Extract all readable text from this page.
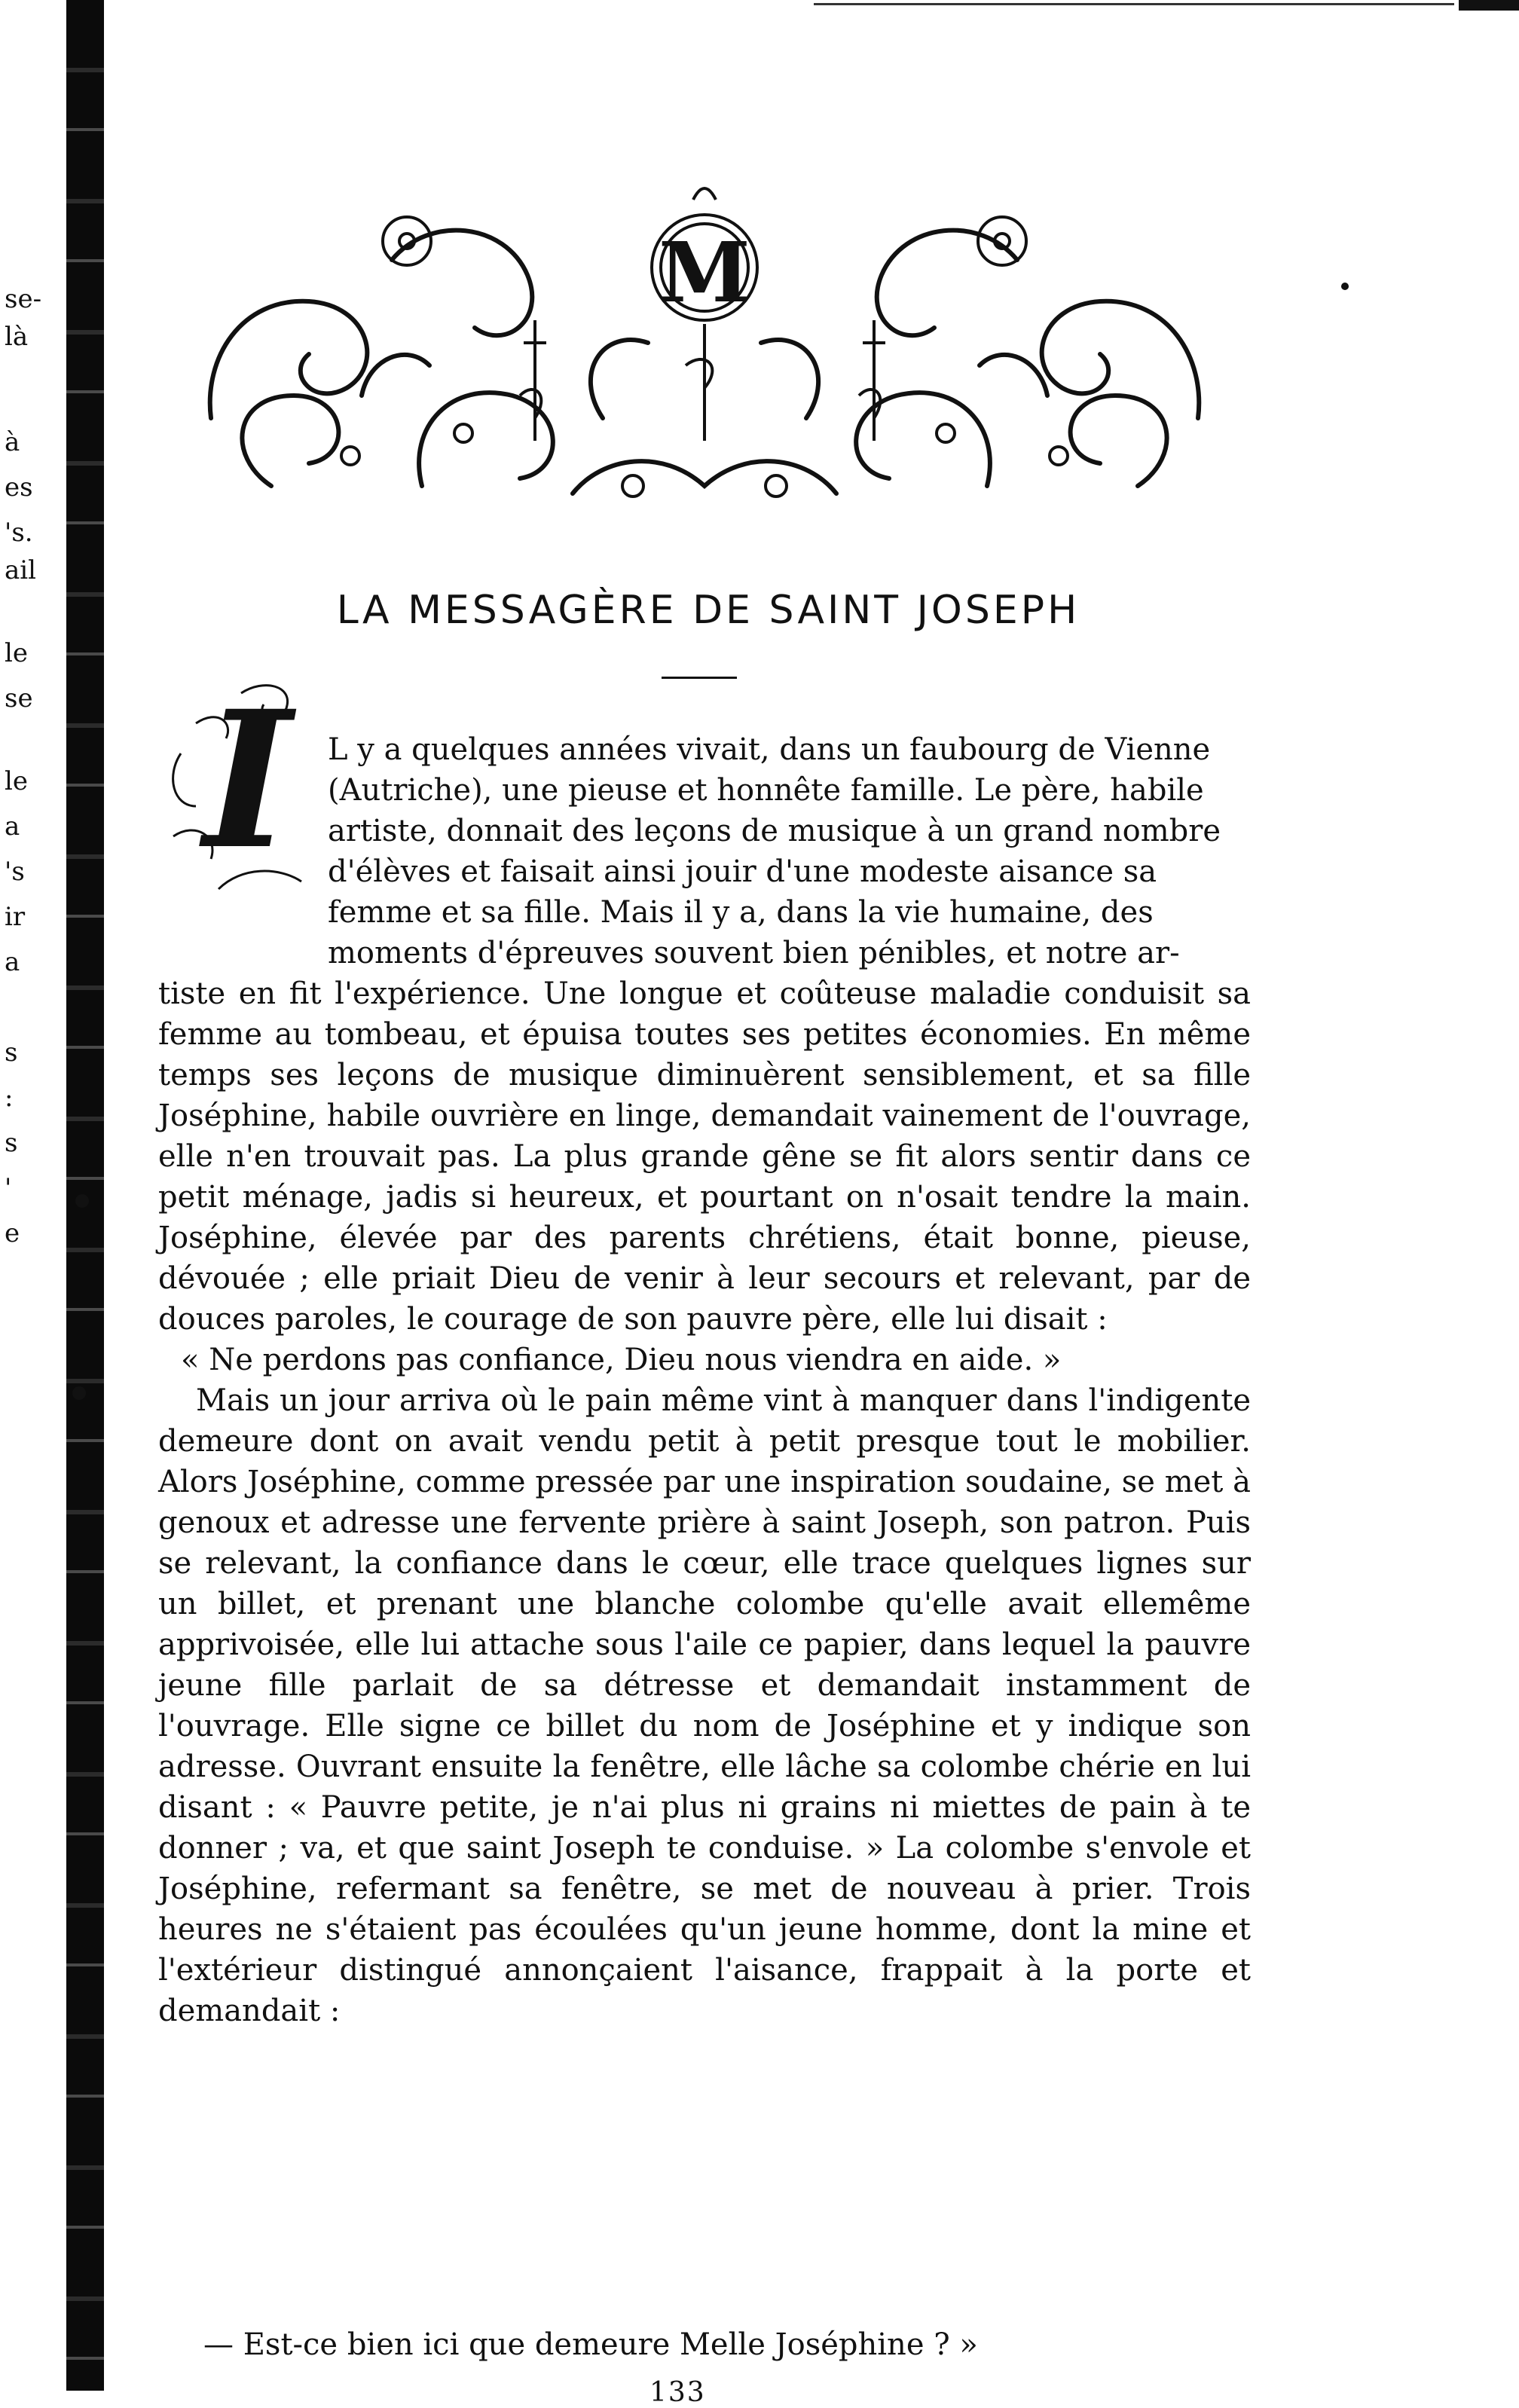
se-
là
à
es
's.
ail
le
se
le
a
's
ir
a
s
:
s
'
e
M
LA MESSAGÈRE DE SAINT JOSEPH
I	L y a quelques années vivait, dans un faubourg de Vienne
(Autriche), une pieuse et honnête famille. Le père, habile
artiste, donnait des leçons de musique à un grand nombre
d'élèves et faisait ainsi jouir d'une modeste aisance sa
femme et sa fille. Mais il y a, dans la vie humaine, des
moments d'épreuves souvent bien pénibles, et notre ar-
tiste en fit l'expérience. Une longue et coûteuse maladie conduisit sa femme au tombeau, et épuisa toutes ses petites économies. En même temps ses leçons de musique diminuèrent sensiblement, et sa fille Joséphine, habile ouvrière en linge, demandait vainement de l'ouvrage, elle n'en trouvait pas. La plus grande gêne se fit alors sentir dans ce petit ménage, jadis si heureux, et pourtant on n'osait tendre la main. Joséphine, élevée par des parents chrétiens, était bonne, pieuse, dévouée ; elle priait Dieu de venir à leur secours et relevant, par de douces paroles, le courage de son pauvre père, elle lui disait :
« Ne perdons pas confiance, Dieu nous viendra en aide. »
Mais un jour arriva où le pain même vint à manquer dans l'indigente demeure dont on avait vendu petit à petit presque tout le mobilier. Alors Joséphine, comme pressée par une inspiration soudaine, se met à genoux et adresse une fervente prière à saint Joseph, son patron. Puis se relevant, la confiance dans le cœur, elle trace quelques lignes sur un billet, et prenant une blanche colombe qu'elle avait ellemême apprivoisée, elle lui attache sous l'aile ce papier, dans lequel la pauvre jeune fille parlait de sa détresse et demandait instamment de l'ouvrage. Elle signe ce billet du nom de Joséphine et y indique son adresse. Ouvrant ensuite la fenêtre, elle lâche sa colombe chérie en lui disant : « Pauvre petite, je n'ai plus ni grains ni miettes de pain à te donner ; va, et que saint Joseph te conduise. » La colombe s'envole et Joséphine, refermant sa fenêtre, se met de nouveau à prier. Trois heures ne s'étaient pas écoulées qu'un jeune homme, dont la mine et l'extérieur distingué annonçaient l'aisance, frappait à la porte et demandait :
— Est-ce bien ici que demeure Melle Joséphine ? »
133
